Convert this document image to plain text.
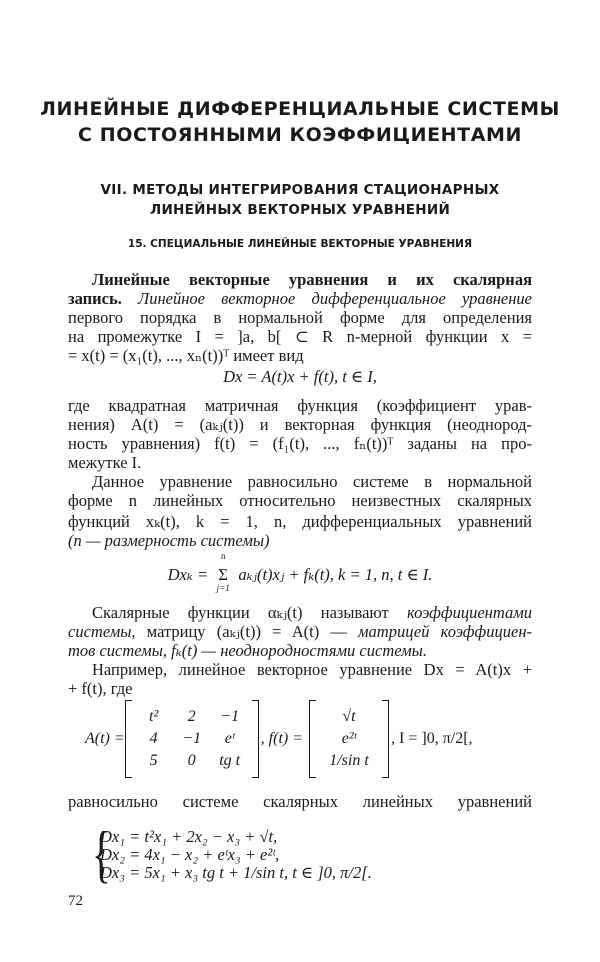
ЛИНЕЙНЫЕ ДИФФЕРЕНЦИАЛЬНЫЕ СИСТЕМЫ
С ПОСТОЯННЫМИ КОЭФФИЦИЕНТАМИ
VII. МЕТОДЫ ИНТЕГРИРОВАНИЯ СТАЦИОНАРНЫХ
ЛИНЕЙНЫХ ВЕКТОРНЫХ УРАВНЕНИЙ
15. СПЕЦИАЛЬНЫЕ ЛИНЕЙНЫЕ ВЕКТОРНЫЕ УРАВНЕНИЯ
Линейные векторные уравнения и их скалярная
запись. Линейное векторное дифференциальное уравнение
первого порядка в нормальной форме для определения
на промежутке I = ]a, b[ ⊂ R n-мерной функции x =
= x(t) = (x₁(t), ..., xₙ(t))ᵀ имеет вид
Dx = A(t)x + f(t), t ∈ I,
где квадратная матричная функция (коэффициент урав-
нения) A(t) = (aₖⱼ(t)) и векторная функция (неоднород-
ность уравнения) f(t) = (f₁(t), ..., fₙ(t))ᵀ заданы на про-
межутке I.
Данное уравнение равносильно системе в нормальной
форме n линейных относительно неизвестных скалярных
функций xₖ(t), k = 1, n, дифференциальных уравнений
(n — размерность системы)
Dxₖ =
n
Σ
j=1
aₖⱼ(t)xⱼ + fₖ(t), k = 1, n, t ∈ I.
Скалярные функции αₖⱼ(t) называют коэффициентами
системы, матрицу (aₖⱼ(t)) = A(t) — матрицей коэффициен-
тов системы, fₖ(t) — неоднородностями системы.
Например, линейное векторное уравнение Dx = A(t)x +
+ f(t), где
A(t) =
t²	2	−1
4	−1	eᵗ
5	0	tg t
, f(t) =
√t
e²ᵗ
1/sin t
, I = ]0, π/2[,
равносильно системе скалярных линейных уравнений
{
Dx₁ = t²x₁ + 2x₂ − x₃ + √t,
Dx₂ = 4x₁ − x₂ + eᵗx₃ + e²ᵗ,
Dx₃ = 5x₁ + x₃ tg t + 1/sin t, t ∈ ]0, π/2[.
72
